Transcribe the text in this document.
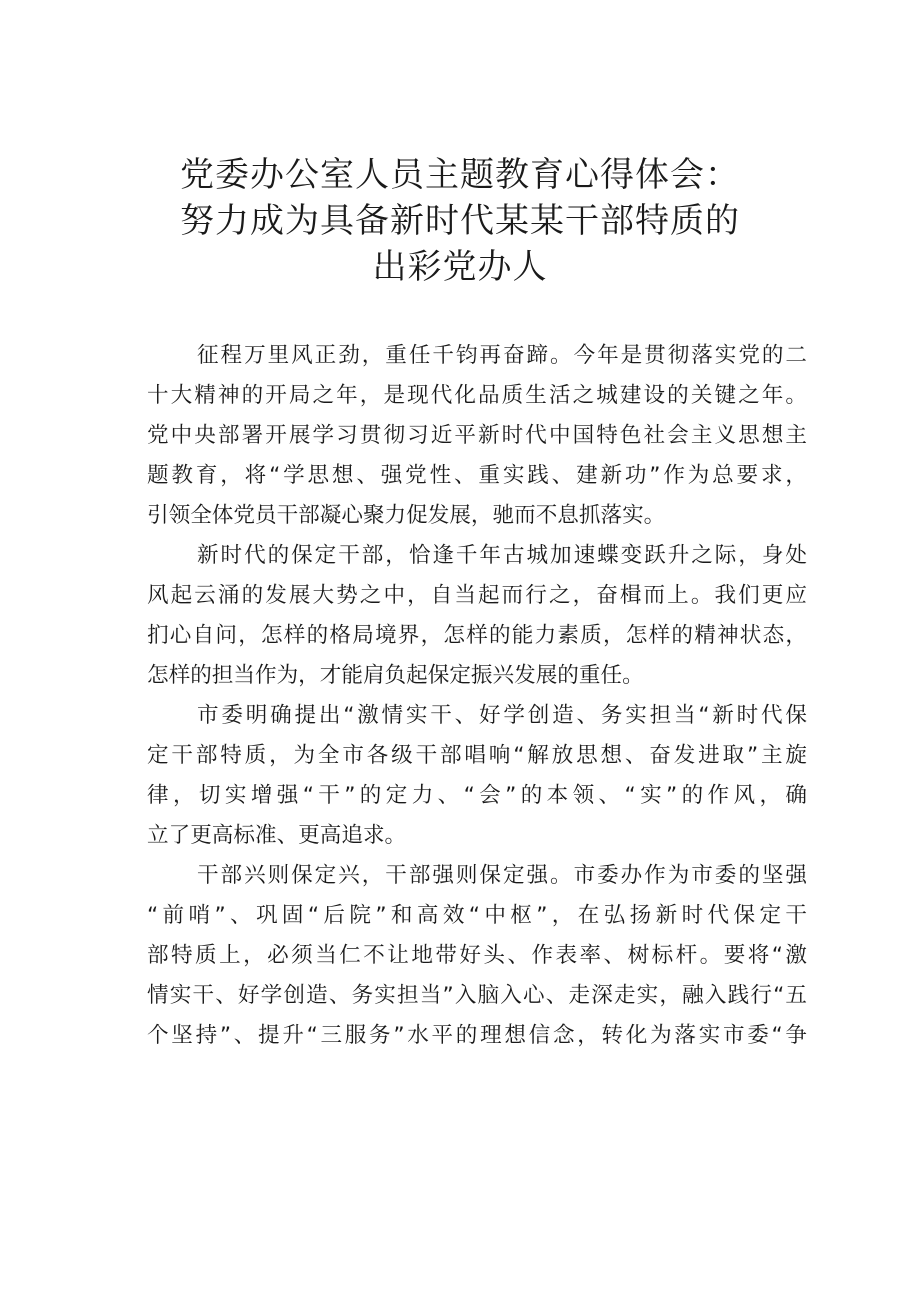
党委办公室人员主题教育心得体会：
努力成为具备新时代某某干部特质的
出彩党办人
征程万里风正劲，重任千钧再奋蹄。今年是贯彻落实党的二
十大精神的开局之年，是现代化品质生活之城建设的关键之年。
党中央部署开展学习贯彻习近平新时代中国特色社会主义思想主
题教育，将“学思想、强党性、重实践、建新功”作为总要求，
引领全体党员干部凝心聚力促发展，驰而不息抓落实。
新时代的保定干部，恰逢千年古城加速蝶变跃升之际，身处
风起云涌的发展大势之中，自当起而行之，奋楫而上。我们更应
扪心自问，怎样的格局境界，怎样的能力素质，怎样的精神状态，
怎样的担当作为，才能肩负起保定振兴发展的重任。
市委明确提出“激情实干、好学创造、务实担当“新时代保
定干部特质，为全市各级干部唱响“解放思想、奋发进取”主旋
律，切实增强“干”的定力、“会”的本领、“实”的作风，确
立了更高标准、更高追求。
干部兴则保定兴，干部强则保定强。市委办作为市委的坚强
“前哨”、巩固“后院”和高效“中枢”，在弘扬新时代保定干
部特质上，必须当仁不让地带好头、作表率、树标杆。要将“激
情实干、好学创造、务实担当”入脑入心、走深走实，融入践行“五
个坚持”、提升“三服务”水平的理想信念，转化为落实市委“争
